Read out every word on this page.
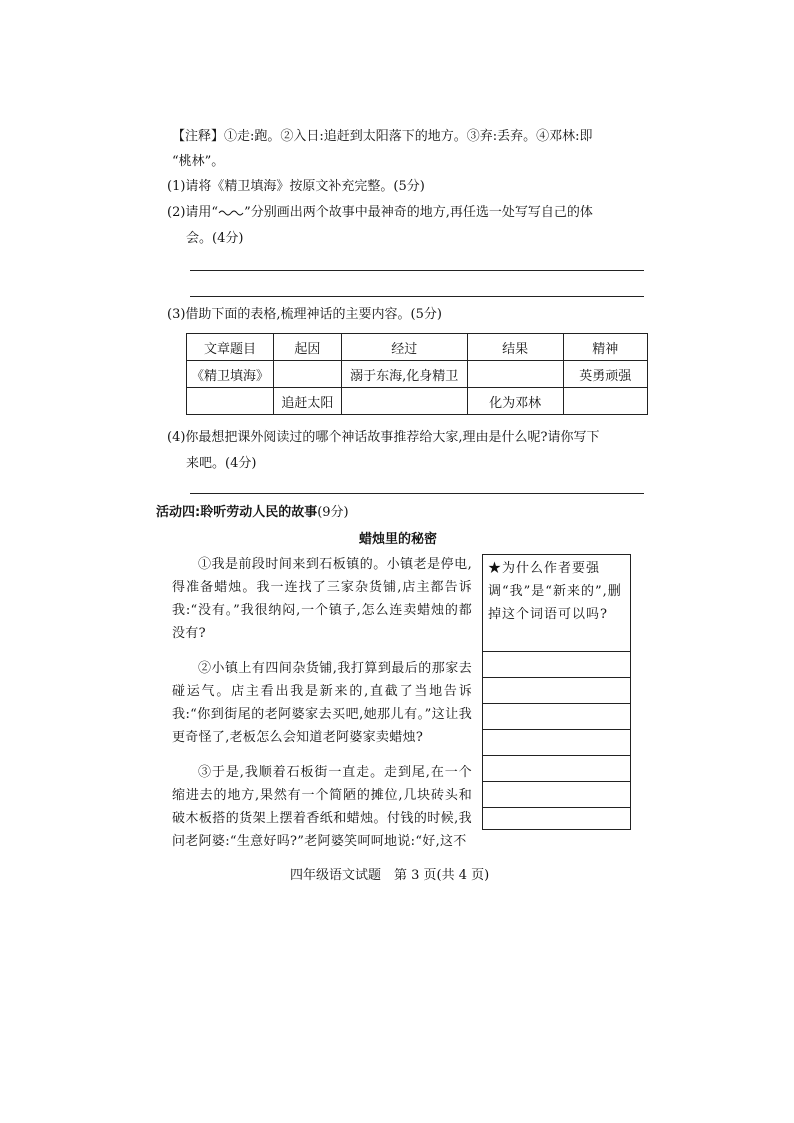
【注释】①走:跑。②入日:追赶到太阳落下的地方。③弃:丢弃。④邓林:即
“桃林”。
(1)请将《精卫填海》按原文补充完整。(5分)
(2)请用“ ”分别画出两个故事中最神奇的地方,再任选一处写写自己的体
会。(4分)
(3)借助下面的表格,梳理神话的主要内容。(5分)
文章题目	起因	经过	结果	精神
《精卫填海》		溺于东海,化身精卫		英勇顽强
	追赶太阳		化为邓林	
(4)你最想把课外阅读过的哪个神话故事推荐给大家,理由是什么呢?请你写下
来吧。(4分)
活动四:聆听劳动人民的故事(9分)
蜡烛里的秘密
①我是前段时间来到石板镇的。小镇老是停电,得准备蜡烛。我一连找了三家杂货铺,店主都告诉我:“没有。”我很纳闷,一个镇子,怎么连卖蜡烛的都没有?
②小镇上有四间杂货铺,我打算到最后的那家去碰运气。店主看出我是新来的,直截了当地告诉我:“你到街尾的老阿婆家去买吧,她那儿有。”这让我更奇怪了,老板怎么会知道老阿婆家卖蜡烛?
③于是,我顺着石板街一直走。走到尾,在一个缩进去的地方,果然有一个简陋的摊位,几块砖头和破木板搭的货架上摆着香纸和蜡烛。付钱的时候,我问老阿婆:“生意好吗?”老阿婆笑呵呵地说:“好,这不
★为什么作者要强调“我”是“新来的”,删掉这个词语可以吗?
四年级语文试题　第 3 页(共 4 页)
